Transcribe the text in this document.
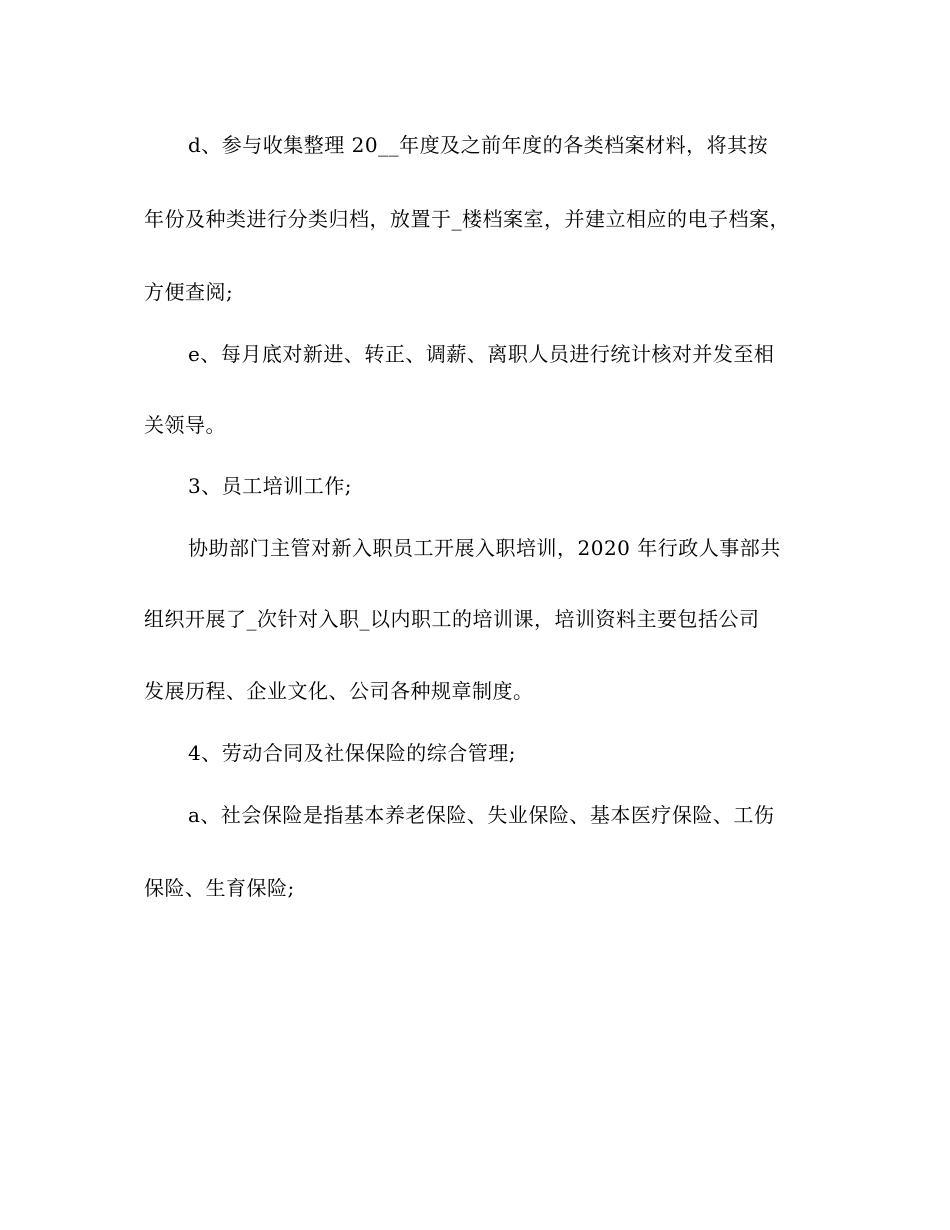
d、参与收集整理 20__年度及之前年度的各类档案材料，将其按
年份及种类进行分类归档，放置于_楼档案室，并建立相应的电子档案，
方便查阅;
e、每月底对新进、转正、调薪、离职人员进行统计核对并发至相
关领导。
3、员工培训工作;
协助部门主管对新入职员工开展入职培训，2020 年行政人事部共
组织开展了_次针对入职_以内职工的培训课，培训资料主要包括公司
发展历程、企业文化、公司各种规章制度。
4、劳动合同及社保保险的综合管理;
a、社会保险是指基本养老保险、失业保险、基本医疗保险、工伤
保险、生育保险;
